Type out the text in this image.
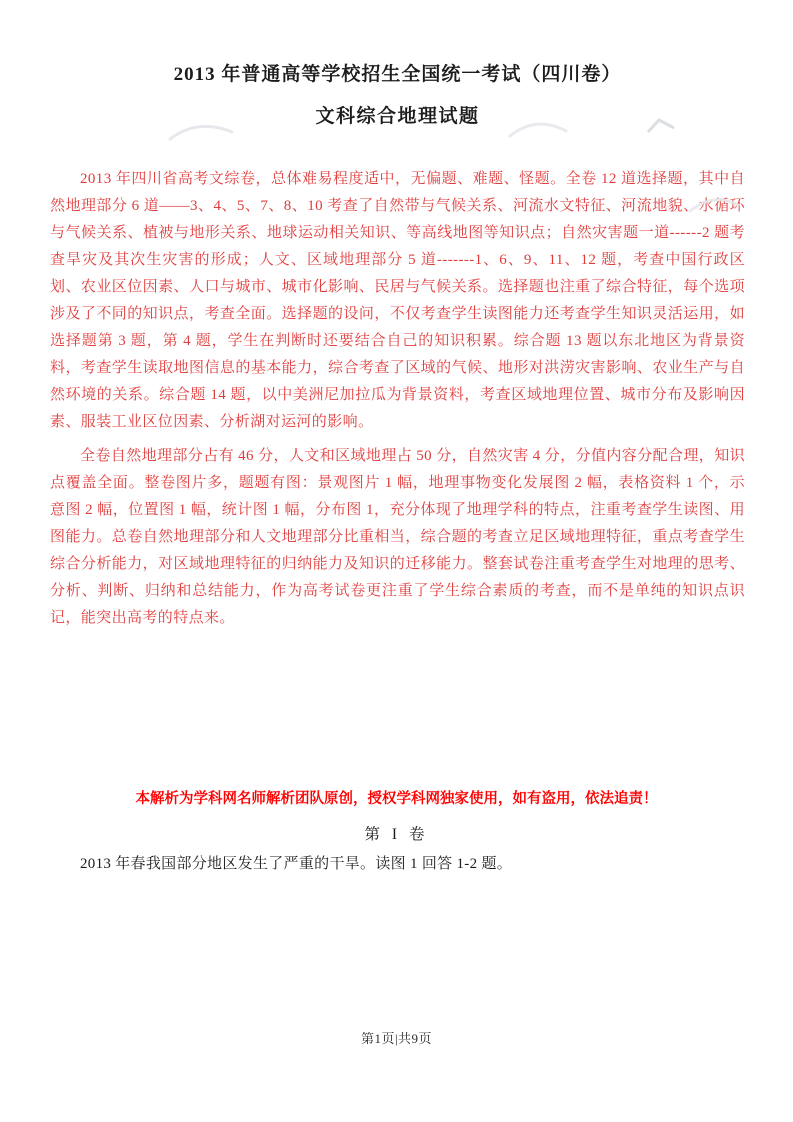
2013 年普通高等学校招生全国统一考试（四川卷）
文科综合地理试题

2013 年四川省高考文综卷，总体难易程度适中，无偏题、难题、怪题。全卷 12 道选择题，其中自然地理部分 6 道——3、4、5、7、8、10 考查了自然带与气候关系、河流水文特征、河流地貌、水循环与气候关系、植被与地形关系、地球运动相关知识、等高线地图等知识点；自然灾害题一道------2 题考查旱灾及其次生灾害的形成；人文、区域地理部分 5 道-------1、6、9、11、12 题，考查中国行政区划、农业区位因素、人口与城市、城市化影响、民居与气候关系。选择题也注重了综合特征，每个选项涉及了不同的知识点，考查全面。选择题的设问，不仅考查学生读图能力还考查学生知识灵活运用，如选择题第 3 题，第 4 题，学生在判断时还要结合自己的知识积累。综合题 13 题以东北地区为背景资料，考查学生读取地图信息的基本能力，综合考查了区域的气候、地形对洪涝灾害影响、农业生产与自然环境的关系。综合题 14 题，以中美洲尼加拉瓜为背景资料，考查区域地理位置、城市分布及影响因素、服装工业区位因素、分析湖对运河的影响。

全卷自然地理部分占有 46 分，人文和区域地理占 50 分，自然灾害 4 分，分值内容分配合理，知识点覆盖全面。整卷图片多，题题有图：景观图片 1 幅，地理事物变化发展图 2 幅，表格资料 1 个，示意图 2 幅，位置图 1 幅，统计图 1 幅，分布图 1，充分体现了地理学科的特点，注重考查学生读图、用图能力。总卷自然地理部分和人文地理部分比重相当，综合题的考查立足区域地理特征，重点考查学生综合分析能力，对区域地理特征的归纳能力及知识的迁移能力。整套试卷注重考查学生对地理的思考、分析、判断、归纳和总结能力，作为高考试卷更注重了学生综合素质的考查，而不是单纯的知识点识记，能突出高考的特点来。

本解析为学科网名师解析团队原创，授权学科网独家使用，如有盗用，依法追责！
第 I 卷

2013 年春我国部分地区发生了严重的干旱。读图 1 回答 1-2 题。

第1页|共9页
